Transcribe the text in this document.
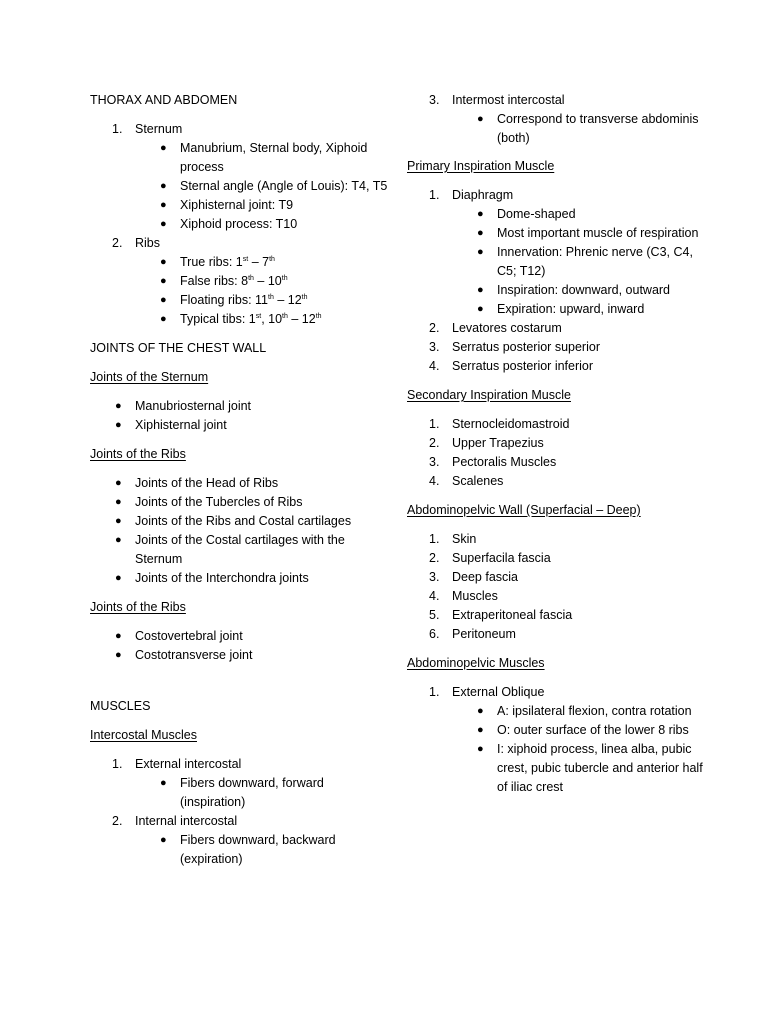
THORAX AND ABDOMEN
1. Sternum
● Manubrium, Sternal body, Xiphoid process
● Sternal angle (Angle of Louis): T4, T5
● Xiphisternal joint: T9
● Xiphoid process: T10
2. Ribs
● True ribs: 1st – 7th
● False ribs: 8th – 10th
● Floating ribs: 11th – 12th
● Typical tibs: 1st, 10th – 12th
JOINTS OF THE CHEST WALL
Joints of the Sternum
● Manubriosternal joint
● Xiphisternal joint
Joints of the Ribs
● Joints of the Head of Ribs
● Joints of the Tubercles of Ribs
● Joints of the Ribs and Costal cartilages
● Joints of the Costal cartilages with the Sternum
● Joints of the Interchondra joints
Joints of the Ribs
● Costovertebral joint
● Costotransverse joint
MUSCLES
Intercostal Muscles
1. External intercostal
● Fibers downward, forward (inspiration)
2. Internal intercostal
● Fibers downward, backward (expiration)
3. Intermost intercostal
● Correspond to transverse abdominis (both)
Primary Inspiration Muscle
1. Diaphragm
● Dome-shaped
● Most important muscle of respiration
● Innervation: Phrenic nerve (C3, C4, C5; T12)
● Inspiration: downward, outward
● Expiration: upward, inward
2. Levatores costarum
3. Serratus posterior superior
4. Serratus posterior inferior
Secondary Inspiration Muscle
1. Sternocleidomastroid
2. Upper Trapezius
3. Pectoralis Muscles
4. Scalenes
Abdominopelvic Wall (Superfacial – Deep)
1. Skin
2. Superfacila fascia
3. Deep fascia
4. Muscles
5. Extraperitoneal fascia
6. Peritoneum
Abdominopelvic Muscles
1. External Oblique
● A: ipsilateral flexion, contra rotation
● O: outer surface of the lower 8 ribs
● I: xiphoid process, linea alba, pubic crest, pubic tubercle and anterior half of iliac crest
